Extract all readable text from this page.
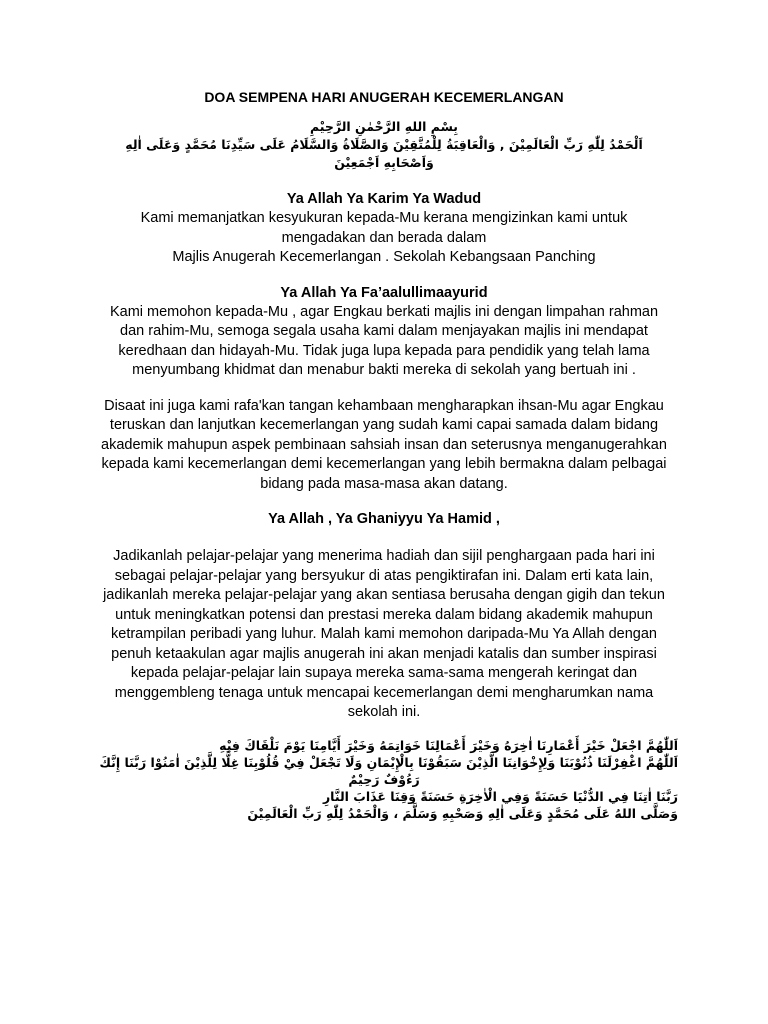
DOA SEMPENA HARI ANUGERAH KECEMERLANGAN

بِسْمِ اللهِ الرَّحْمٰنِ الرَّحِيْمِ

اَلْحَمْدُ لِلّٰهِ رَبِّ الْعَالَمِيْنَ , وَالْعَاقِبَةُ لِلْمُتَّقِيْنَ وَالصَّلَاةُ وَالسَّلَامُ عَلَى سَيِّدِنَا مُحَمَّدٍ وَعَلَى اٰلِهِ

وَاَصْحَابِهِ اَجْمَعِيْنَ

Ya Allah Ya Karim Ya Wadud

Kami memanjatkan kesyukuran kepada-Mu kerana mengizinkan kami untuk

mengadakan dan berada dalam

Majlis Anugerah Kecemerlangan . Sekolah Kebangsaan Panching

Ya Allah Ya Fa’aalullimaayurid

Kami memohon kepada-Mu , agar Engkau berkati majlis ini dengan limpahan rahman

dan rahim-Mu, semoga segala usaha kami dalam menjayakan majlis ini mendapat

keredhaan dan hidayah-Mu. Tidak juga lupa kepada para pendidik yang telah lama

menyumbang khidmat dan menabur bakti mereka di sekolah yang bertuah ini .

Disaat ini juga kami rafa'kan tangan kehambaan mengharapkan ihsan-Mu agar Engkau

teruskan dan lanjutkan kecemerlangan yang sudah kami capai samada dalam bidang

akademik mahupun aspek pembinaan sahsiah insan dan seterusnya menganugerahkan

kepada kami kecemerlangan demi kecemerlangan yang lebih bermakna dalam pelbagai

bidang pada masa-masa akan datang.

Ya Allah , Ya Ghaniyyu Ya Hamid ,

Jadikanlah pelajar-pelajar yang menerima hadiah dan sijil penghargaan pada hari ini

sebagai pelajar-pelajar yang bersyukur di atas pengiktirafan ini. Dalam erti kata lain,

jadikanlah mereka pelajar-pelajar yang akan sentiasa berusaha dengan gigih dan tekun

untuk meningkatkan potensi dan prestasi mereka dalam bidang akademik mahupun

ketrampilan peribadi yang luhur. Malah kami memohon daripada-Mu Ya Allah dengan

penuh ketaakulan agar majlis anugerah ini akan menjadi katalis dan sumber inspirasi

kepada pelajar-pelajar lain supaya mereka sama-sama mengerah keringat dan

menggembleng tenaga untuk mencapai kecemerlangan demi mengharumkan nama

sekolah ini.

اَللّٰهُمَّ اجْعَلْ خَيْرَ أَعْمَارِنَا اٰخِرَهُ وَخَيْرَ أَعْمَالِنَا خَوَاتِمَهُ وَخَيْرَ أَيَّامِنَا يَوْمَ نَلْقَاكَ فِيْهِ

اَللّٰهُمَّ اغْفِرْلَنَا ذُنُوْبَنَا وَلِإِخْوَانِنَا الَّذِيْنَ سَبَقُوْنَا بِالْإِيْمَانِ وَلَا تَجْعَلْ فِيْ قُلُوْبِنَا غِلًّا لِلَّذِيْنَ اٰمَنُوْا رَبَّنَا إِنَّكَ

رَءُوْفٌ رَحِيْمٌ

رَبَّنَا اٰتِنَا فِي الدُّنْيَا حَسَنَةً وَفِي الْاٰخِرَةِ حَسَنَةً وَقِنَا عَذَابَ النَّارِ

وَصَلَّى اللهُ عَلَى مُحَمَّدٍ وَعَلَى اٰلِهِ وَصَحْبِهِ وَسَلَّمَ ، وَالْحَمْدُ لِلّٰهِ رَبِّ الْعَالَمِيْنَ
